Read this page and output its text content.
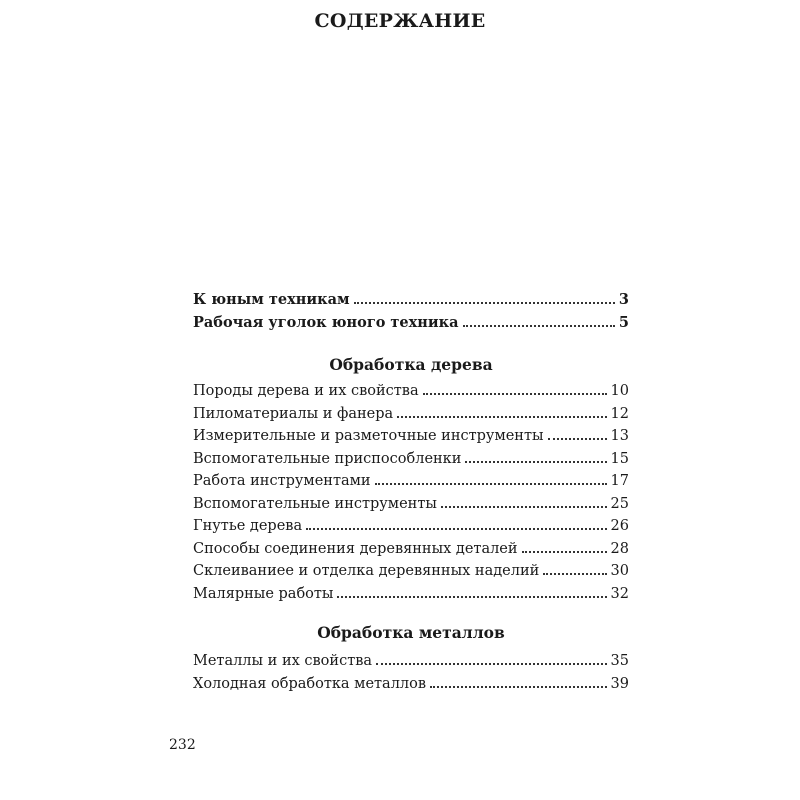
СОДЕРЖАНИЕ
К юным техникам	3
Рабочая уголок юного техника	5
Обработка дерева
Породы дерева и их свойства	10
Пиломатериалы и фанера	12
Измерительные и разметочные инструменты	13
Вспомогательные приспособленки	15
Работа инструментами	17
Вспомогательные инструменты	25
Гнутье дерева	26
Способы соединения деревянных деталей	28
Склеиваниее и отделка деревянных наделий	30
Малярные работы	32
Обработка металлов
Металлы и их свойства	35
Холодная обработка металлов	39
232
